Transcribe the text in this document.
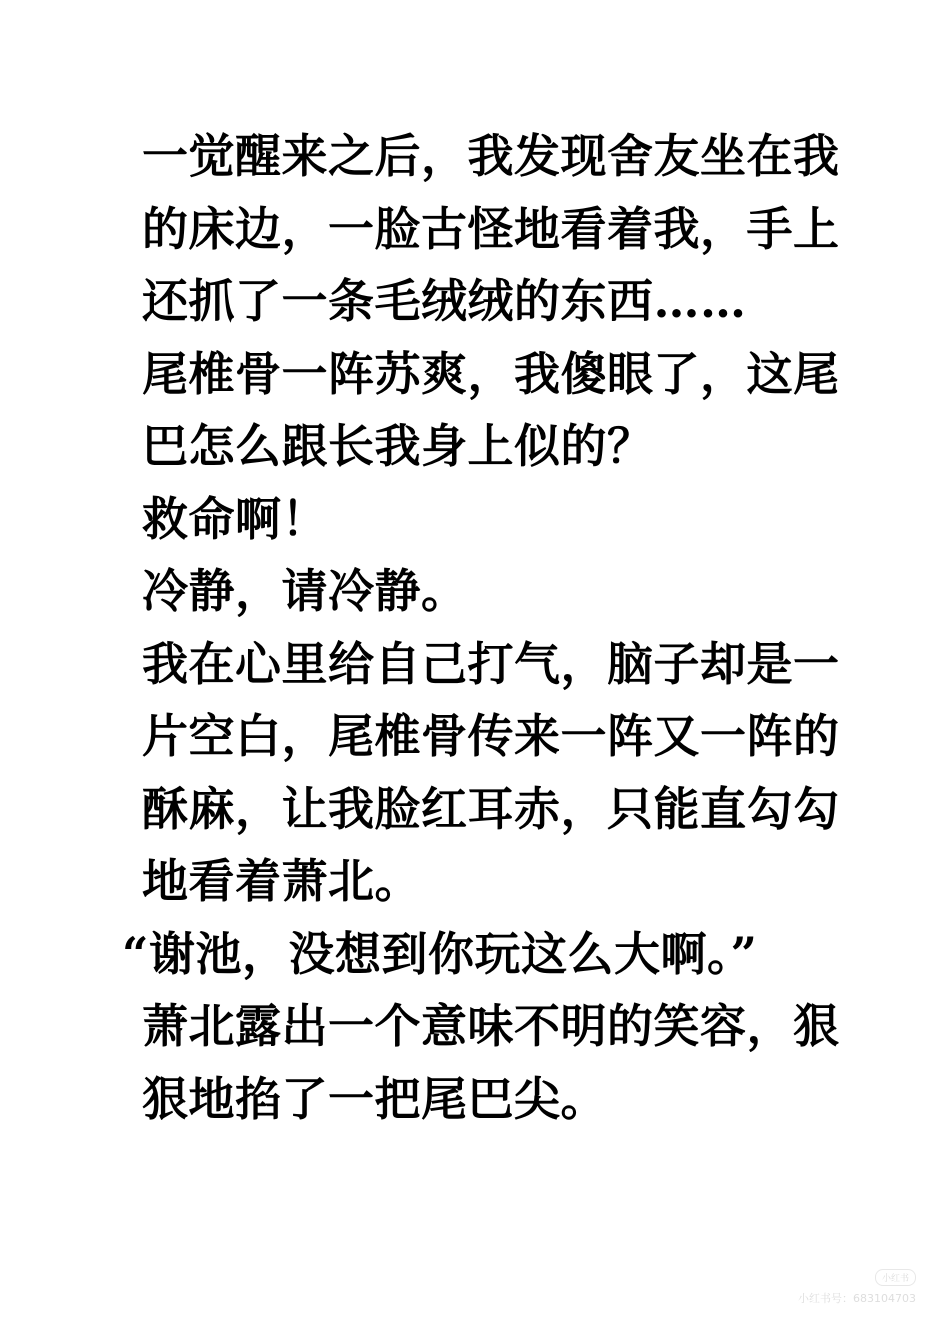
一觉醒来之后，我发现舍友坐在我
的床边，一脸古怪地看着我，手上
还抓了一条毛绒绒的东西……
尾椎骨一阵苏爽，我傻眼了，这尾
巴怎么跟长我身上似的？
救命啊！
冷静，请冷静。
我在心里给自己打气，脑子却是一
片空白，尾椎骨传来一阵又一阵的
酥麻，让我脸红耳赤，只能直勾勾
地看着萧北。
“谢池，没想到你玩这么大啊。”
萧北露出一个意味不明的笑容，狠
狠地掐了一把尾巴尖。
小红书
小红书号：683104703
